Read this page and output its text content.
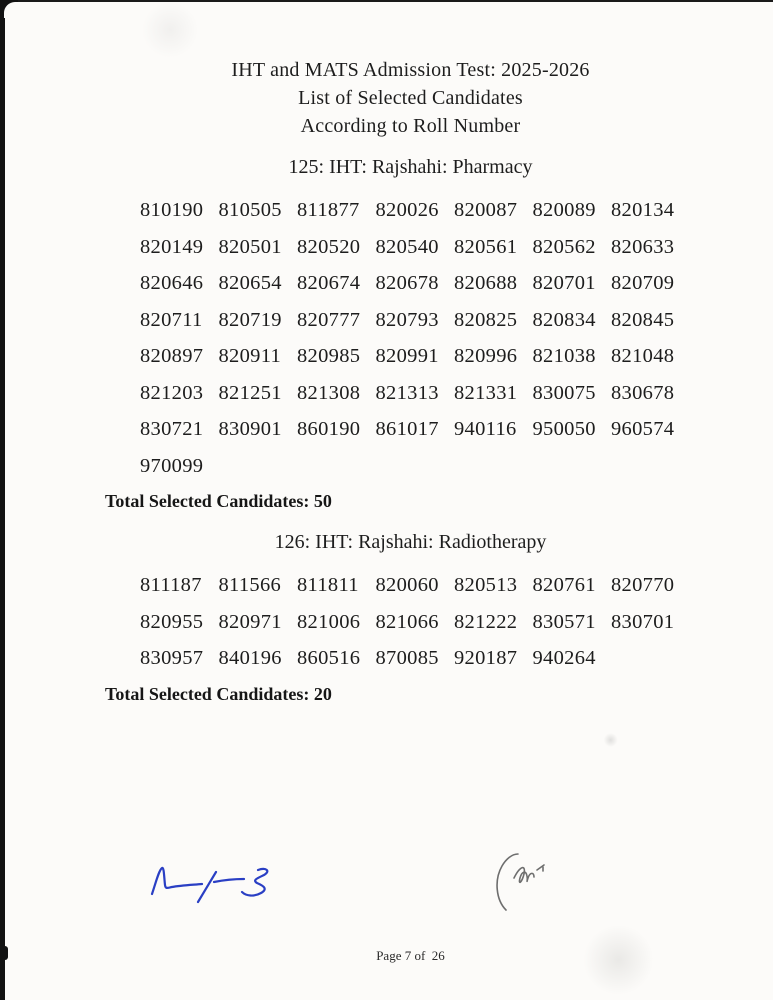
IHT and MATS Admission Test: 2025-2026
List of Selected Candidates
According to Roll Number
125: IHT: Rajshahi: Pharmacy
810190 810505 811877 820026 820087 820089 820134
820149 820501 820520 820540 820561 820562 820633
820646 820654 820674 820678 820688 820701 820709
820711 820719 820777 820793 820825 820834 820845
820897 820911 820985 820991 820996 821038 821048
821203 821251 821308 821313 821331 830075 830678
830721 830901 860190 861017 940116 950050 960574
970099
Total Selected Candidates: 50
126: IHT: Rajshahi: Radiotherapy
811187 811566 811811 820060 820513 820761 820770
820955 820971 821006 821066 821222 830571 830701
830957 840196 860516 870085 920187 940264
Total Selected Candidates: 20
Page 7 of  26
